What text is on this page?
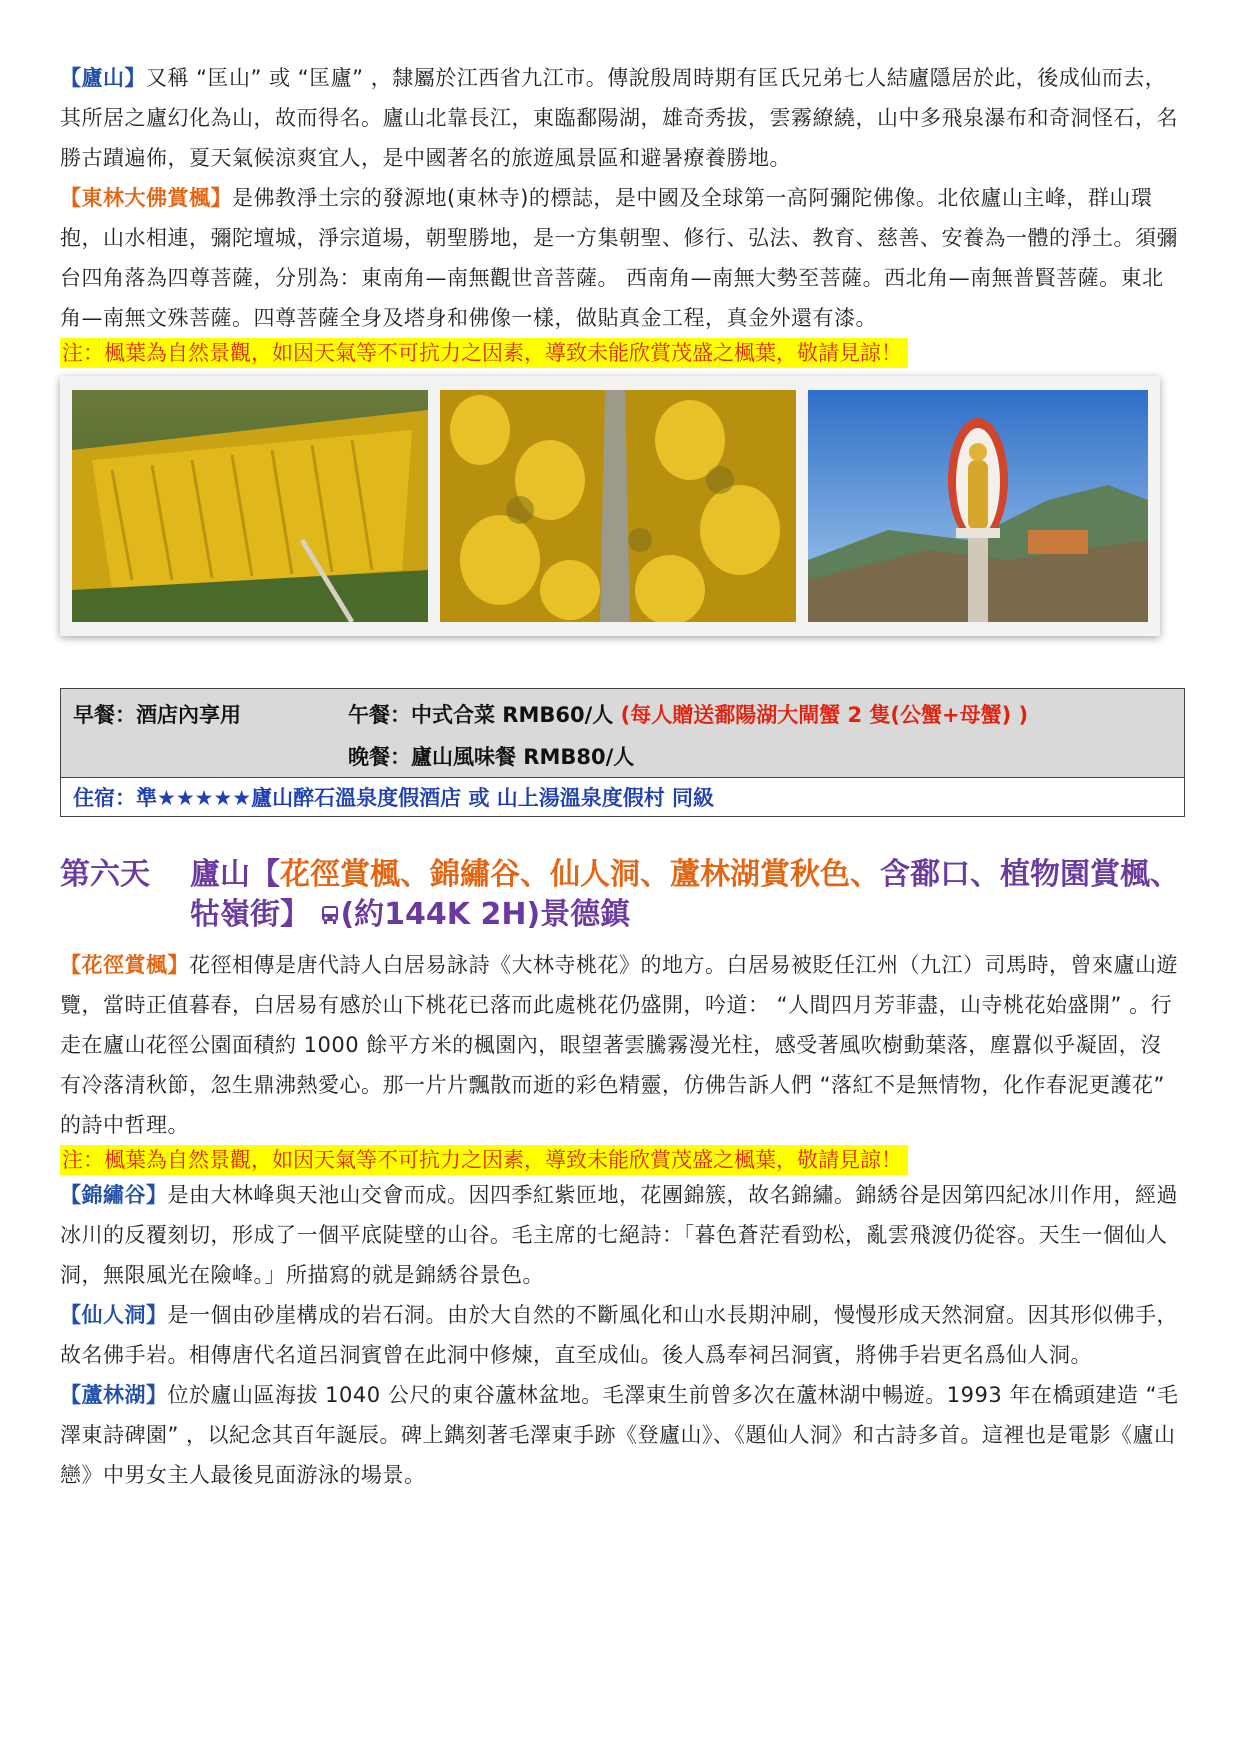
【廬山】又稱 “匡山” 或 “匡廬” ，隸屬於江西省九江市。傳說殷周時期有匡氏兄弟七人結廬隱居於此，後成仙而去，其所居之廬幻化為山，故而得名。廬山北靠長江，東臨鄱陽湖，雄奇秀拔，雲霧繚繞，山中多飛泉瀑布和奇洞怪石，名勝古蹟遍佈，夏天氣候涼爽宜人，是中國著名的旅遊風景區和避暑療養勝地。

【東林大佛賞楓】是佛教淨土宗的發源地(東林寺)的標誌，是中國及全球第一高阿彌陀佛像。北依廬山主峰，群山環抱，山水相連，彌陀壇城，淨宗道場，朝聖勝地，是一方集朝聖、修行、弘法、教育、慈善、安養為一體的淨土。須彌台四角落為四尊菩薩，分別為：東南角—南無觀世音菩薩。 西南角—南無大勢至菩薩。西北角—南無普賢菩薩。東北角—南無文殊菩薩。四尊菩薩全身及塔身和佛像一樣，做貼真金工程，真金外還有漆。

注：楓葉為自然景觀，如因天氣等不可抗力之因素，導致未能欣賞茂盛之楓葉，敬請見諒！
早餐：酒店內享用	午餐：中式合菜 RMB60/人 (每人贈送鄱陽湖大閘蟹 2 隻(公蟹+母蟹) )
晚餐：廬山風味餐 RMB80/人

住宿：準★★★★★廬山醉石溫泉度假酒店 或 山上湯溫泉度假村 同級
第六天	廬山【花徑賞楓、錦繡谷、仙人洞、蘆林湖賞秋色、含鄱口、植物園賞楓、牯嶺街】 (約144K 2H)景德鎮

【花徑賞楓】花徑相傳是唐代詩人白居易詠詩《大林寺桃花》的地方。白居易被貶任江州（九江）司馬時，曾來廬山遊覽，當時正值暮春，白居易有感於山下桃花已落而此處桃花仍盛開，吟道： “人間四月芳菲盡，山寺桃花始盛開” 。行走在廬山花徑公園面積約 1000 餘平方米的楓園內，眼望著雲騰霧漫光柱，感受著風吹樹動葉落，塵囂似乎凝固，沒有冷落清秋節，忽生鼎沸熱愛心。那一片片飄散而逝的彩色精靈，仿佛告訴人們 “落紅不是無情物，化作春泥更護花” 的詩中哲理。

注：楓葉為自然景觀，如因天氣等不可抗力之因素，導致未能欣賞茂盛之楓葉，敬請見諒！

【錦繡谷】是由大林峰與天池山交會而成。因四季紅紫匝地，花團錦簇，故名錦繡。錦綉谷是因第四紀冰川作用，經過冰川的反覆刻切，形成了一個平底陡壁的山谷。毛主席的七絕詩：「暮色蒼茫看勁松，亂雲飛渡仍從容。天生一個仙人洞，無限風光在險峰。」所描寫的就是錦綉谷景色。

【仙人洞】是一個由砂崖構成的岩石洞。由於大自然的不斷風化和山水長期沖刷，慢慢形成天然洞窟。因其形似佛手，故名佛手岩。相傳唐代名道呂洞賓曾在此洞中修煉，直至成仙。後人爲奉祠呂洞賓，將佛手岩更名爲仙人洞。

【蘆林湖】位於廬山區海拔 1040 公尺的東谷蘆林盆地。毛澤東生前曾多次在蘆林湖中暢遊。1993 年在橋頭建造 “毛澤東詩碑園” ，以紀念其百年誕辰。碑上鐫刻著毛澤東手跡《登廬山》、《題仙人洞》和古詩多首。這裡也是電影《廬山戀》中男女主人最後見面游泳的場景。
